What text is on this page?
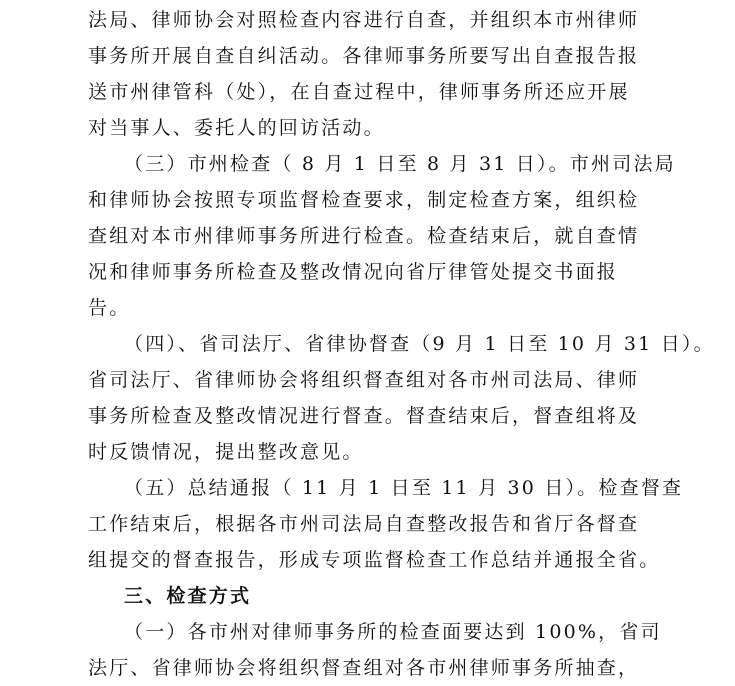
法局、律师协会对照检查内容进行自查，并组织本市州律师
事务所开展自查自纠活动。各律师事务所要写出自查报告报
送市州律管科（处），在自查过程中，律师事务所还应开展
对当事人、委托人的回访活动。
（三）市州检查（ 8 月 1 日至 8 月 31 日）。市州司法局
和律师协会按照专项监督检查要求，制定检查方案，组织检
查组对本市州律师事务所进行检查。检查结束后，就自查情
况和律师事务所检查及整改情况向省厅律管处提交书面报
告。
（四）、省司法厅、省律协督查（9 月 1 日至 10 月 31 日）。
省司法厅、省律师协会将组织督查组对各市州司法局、律师
事务所检查及整改情况进行督查。督查结束后，督查组将及
时反馈情况，提出整改意见。
（五）总结通报（ 11 月 1 日至 11 月 30 日）。检查督查
工作结束后，根据各市州司法局自查整改报告和省厅各督查
组提交的督查报告，形成专项监督检查工作总结并通报全省。
三、检查方式
（一）各市州对律师事务所的检查面要达到 100%，省司
法厅、省律师协会将组织督查组对各市州律师事务所抽查，
